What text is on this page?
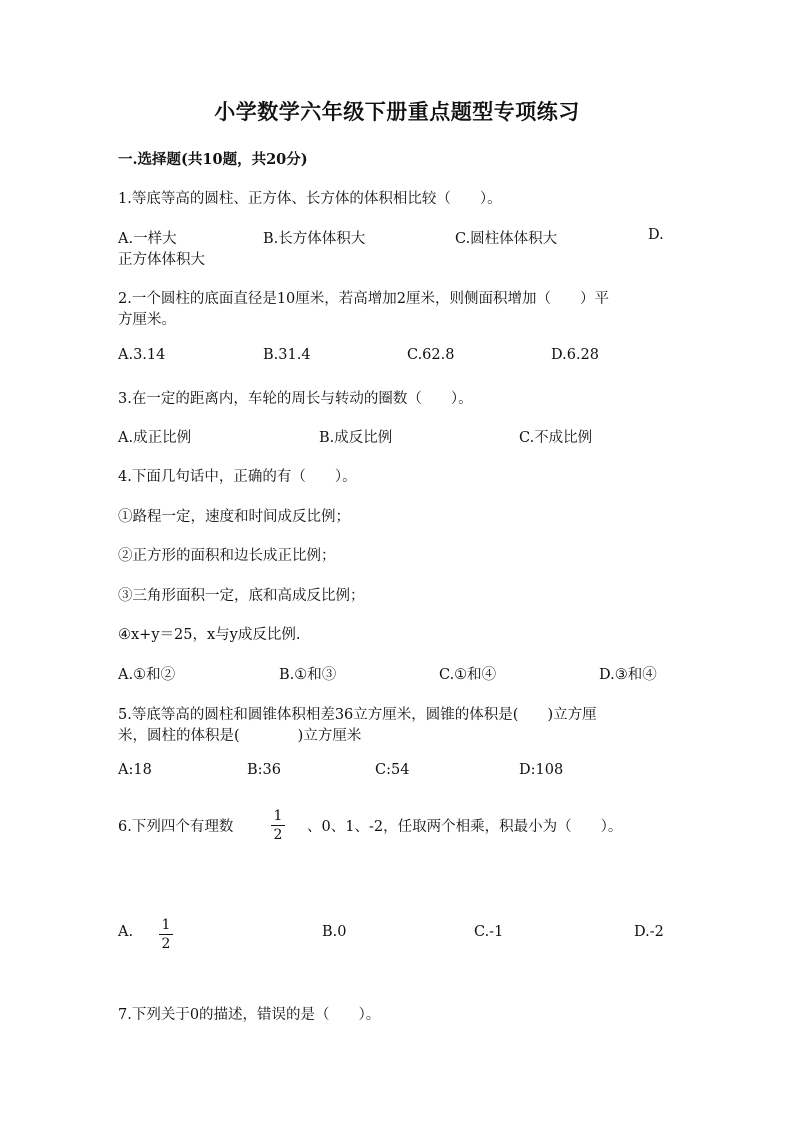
小学数学六年级下册重点题型专项练习
一.选择题(共10题，共20分)
1.等底等高的圆柱、正方体、长方体的体积相比较（　　）。
A.一样大	B.长方体体积大	C.圆柱体体积大	D.
正方体体积大
2.一个圆柱的底面直径是10厘米，若高增加2厘米，则侧面积增加（　　）平
方厘米。
A.3.14	B.31.4	C.62.8	D.6.28
3.在一定的距离内，车轮的周长与转动的圈数（　　）。
A.成正比例	B.成反比例	C.不成比例
4.下面几句话中，正确的有（　　）。
①路程一定，速度和时间成反比例；
②正方形的面积和边长成正比例；
③三角形面积一定，底和高成反比例；
④x+y＝25，x与y成反比例.
A.①和②	B.①和③	C.①和④	D.③和④
5.等底等高的圆柱和圆锥体积相差36立方厘米，圆锥的体积是(　　)立方厘
米，圆柱的体积是(　　　　)立方厘米
A:18	B:36	C:54	D:108
6.下列四个有理数	$\frac{1}{2}$ 、0、1、-2，任取两个相乘，积最小为（　　）。
A. $\frac{1}{2}$	B.0	C.-1	D.-2
7.下列关于0的描述，错误的是（　　）。
